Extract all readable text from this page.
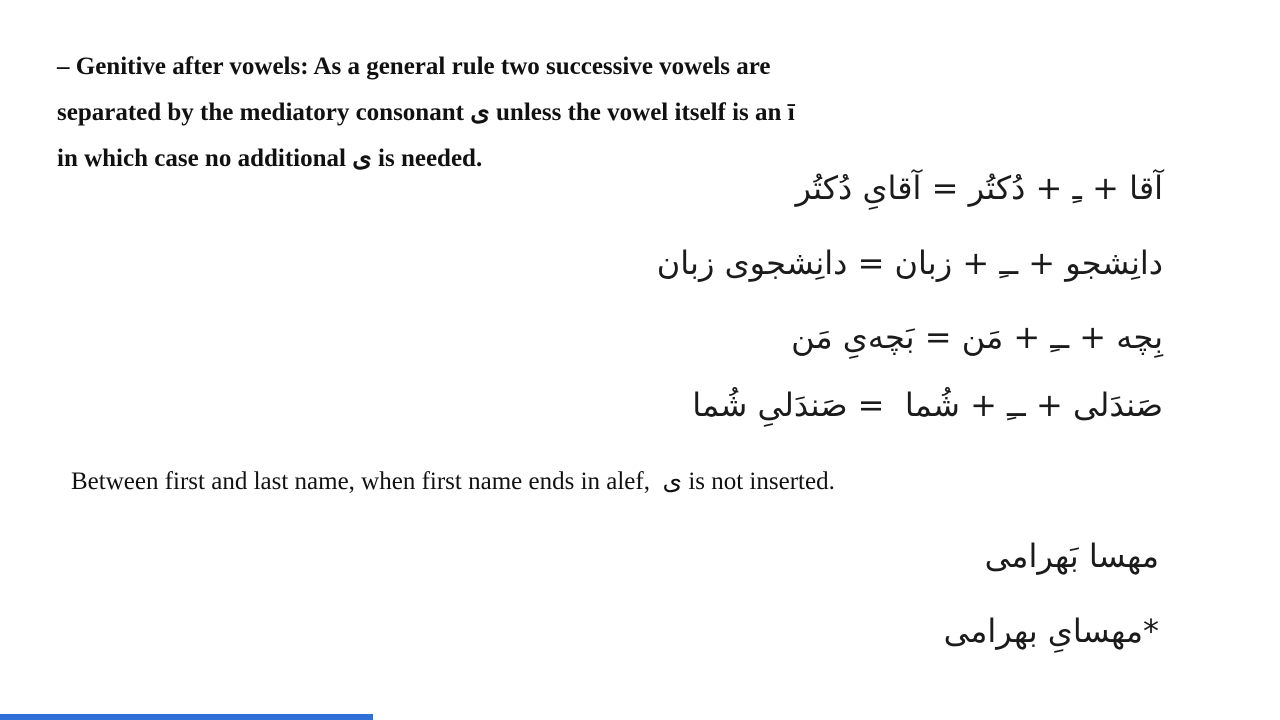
– Genitive after vowels: As a general rule two successive vowels are
separated by the mediatory consonant ی unless the vowel itself is an ī
in which case no additional ی is needed.
آقا + ـِ + دُکتُر = آقایِ دُکتُر
دانِشجو + ــِ + زبان = دانِشجوی زبان
بِچه + ــِ + مَن = بَچه‌یِ مَن
صَندَلی + ــِ + شُما  = صَندَلیِ شُما
Between first and last name, when first name ends in alef,  ی is not inserted.
مهسا بَهرامی
*مهسایِ بهرامی
